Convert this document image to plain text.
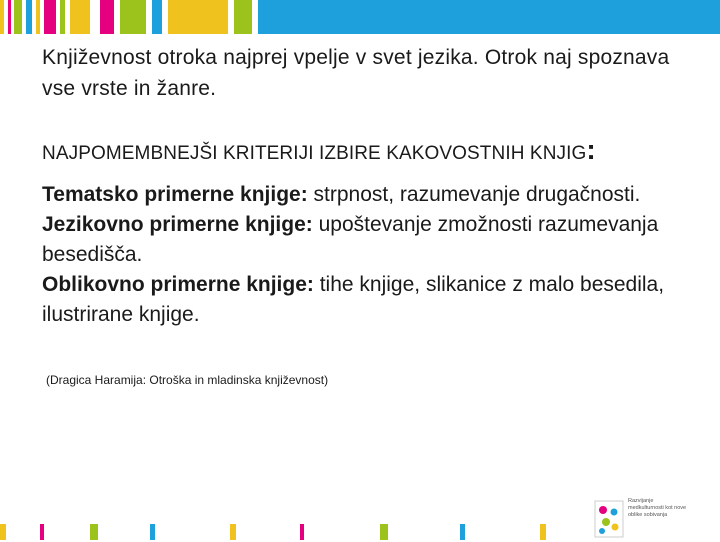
Književnost otroka najprej vpelje v svet jezika. Otrok naj spoznava vse vrste in žanre.

NAJPOMEMBNEJŠI KRITERIJI IZBIRE KAKOVOSTNIH KNJIG:
Tematsko primerne knjige: strpnost, razumevanje drugačnosti.
Jezikovno primerne knjige: upoštevanje zmožnosti razumevanja besedišča.
Oblikovno primerne knjige: tihe knjige, slikanice z malo besedila, ilustrirane knjige.
(Dragica Haramija: Otroška in mladinska književnost)
Razvijanje medkulturnosti kot nove oblike sobivanja
